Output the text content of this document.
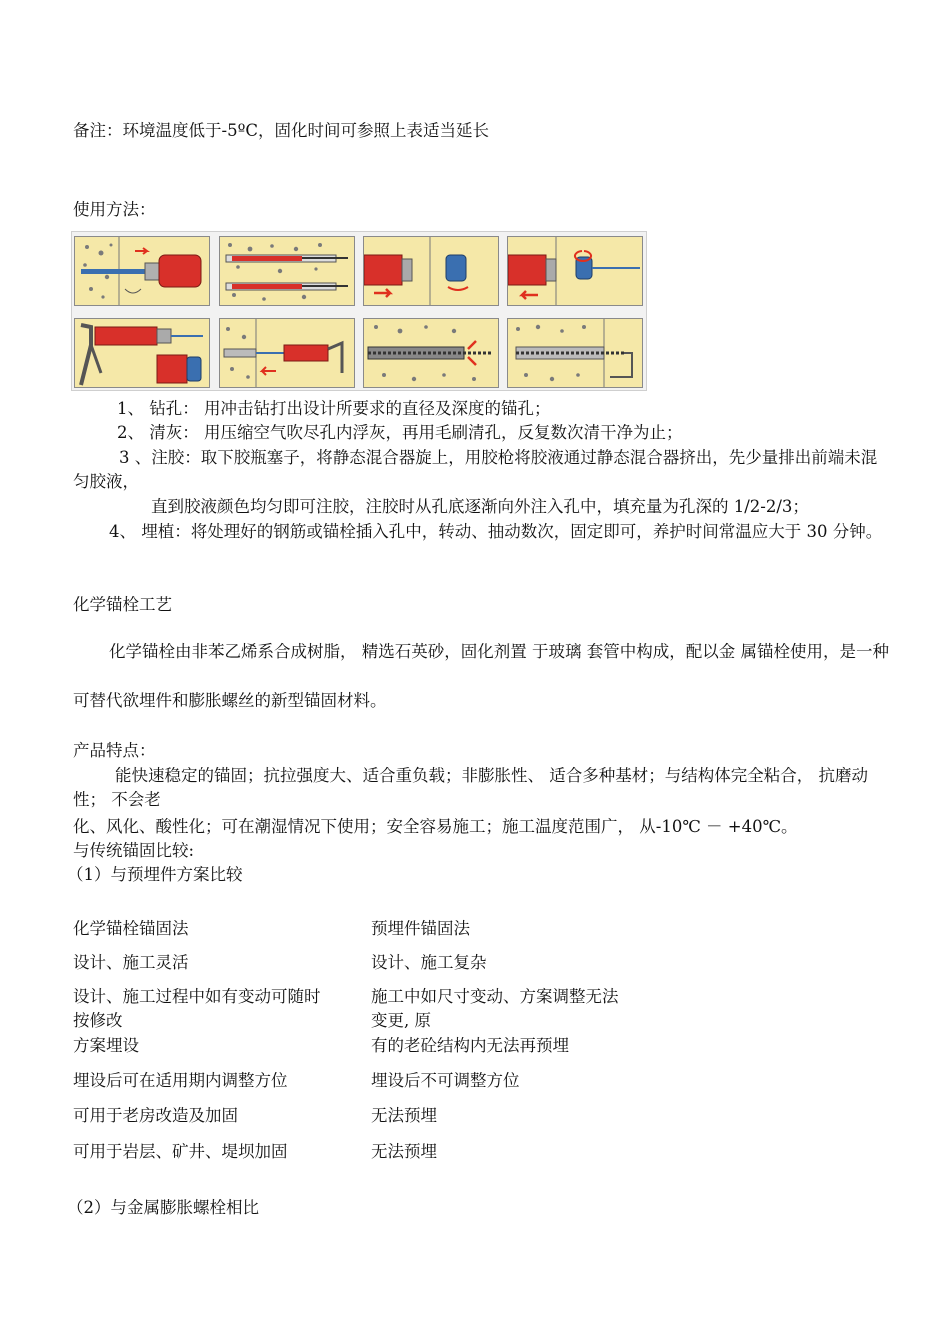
备注：环境温度低于-5ºC，固化时间可参照上表适当延长
使用方法：
1、 钻孔： 用冲击钻打出设计所要求的直径及深度的锚孔；
2、 清灰： 用压缩空气吹尽孔内浮灰，再用毛刷清孔，反复数次清干净为止；
3 、注胶：取下胶瓶塞子，将静态混合器旋上，用胶枪将胶液通过静态混合器挤出，先少量排出前端未混匀胶液，
直到胶液颜色均匀即可注胶，注胶时从孔底逐渐向外注入孔中，填充量为孔深的 1/2-2/3；
4、 埋植：将处理好的钢筋或锚栓插入孔中，转动、抽动数次，固定即可，养护时间常温应大于 30 分钟。
化学锚栓工艺
化学锚栓由非苯乙烯系合成树脂， 精选石英砂，固化剂置 于玻璃 套管中构成，配以金 属锚栓使用，是一种
可替代欲埋件和膨胀螺丝的新型锚固材料。
产品特点：
能快速稳定的锚固；抗拉强度大、适合重负载；非膨胀性、 适合多种基材；与结构体完全粘合， 抗磨动性； 不会老
化、风化、酸性化；可在潮湿情况下使用；安全容易施工；施工温度范围广， 从-10℃ － +40℃。
与传统锚固比较:
（1）与预埋件方案比较
化学锚栓锚固法	预埋件锚固法
设计、施工灵活	设计、施工复杂
设计、施工过程中如有变动可随时	施工中如尺寸变动、方案调整无法
按修改	变更, 原
方案埋设	有的老砼结构内无法再预埋
埋设后可在适用期内调整方位	埋设后不可调整方位
可用于老房改造及加固	无法预埋
可用于岩层、矿井、堤坝加固	无法预埋
（2）与金属膨胀螺栓相比
